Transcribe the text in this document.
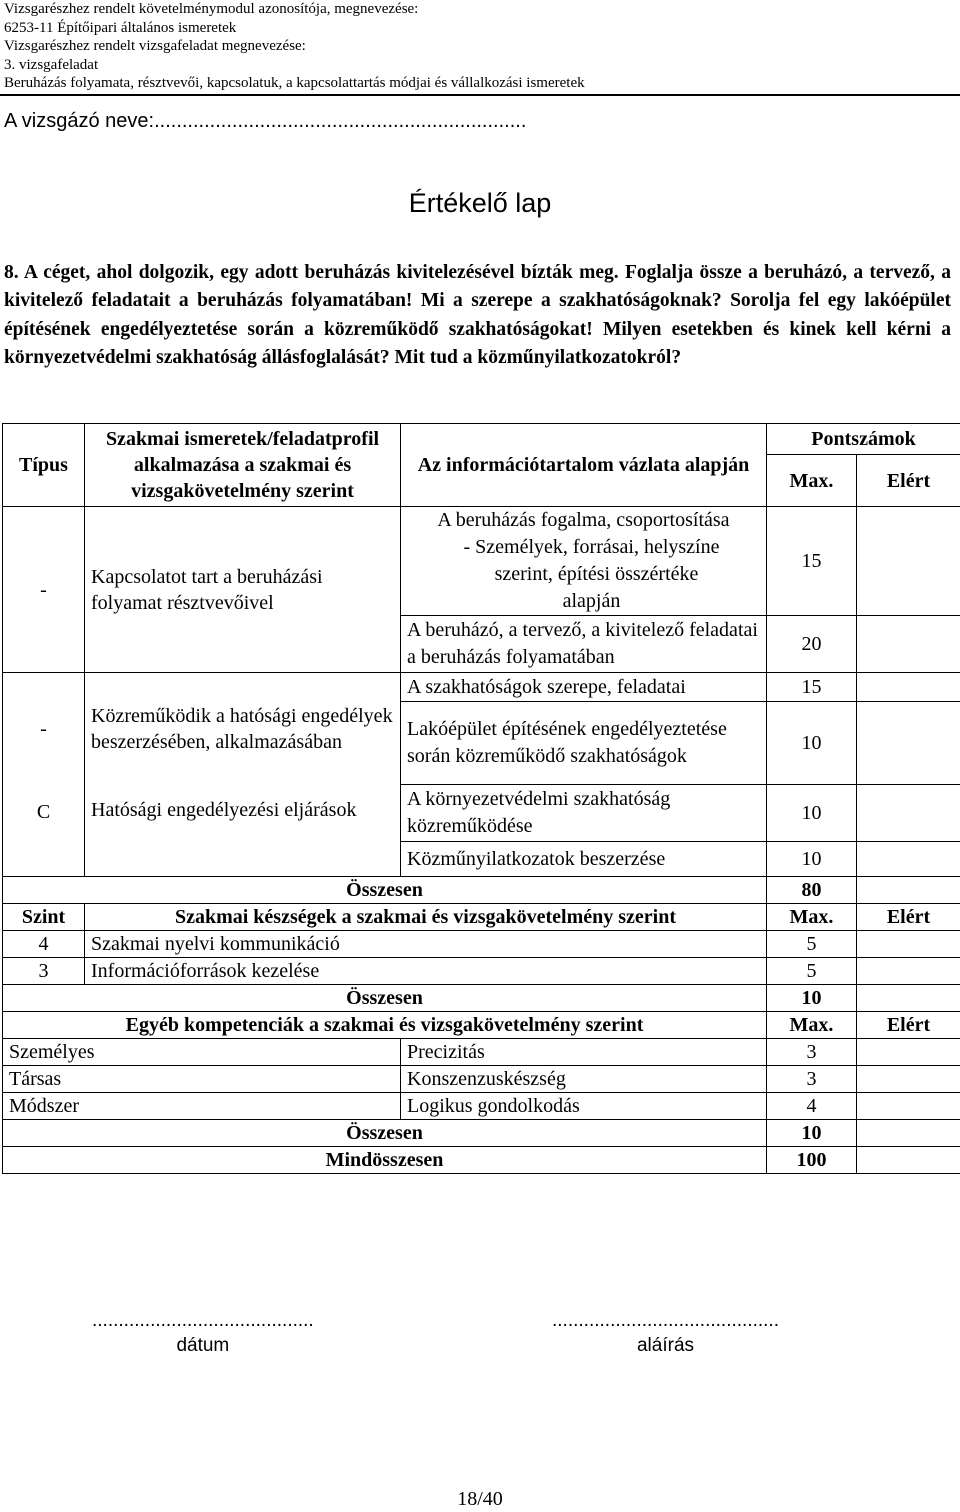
Vizsgarészhez rendelt követelménymodul azonosítója, megnevezése:
6253-11 Építőipari általános ismeretek
Vizsgarészhez rendelt vizsgafeladat megnevezése:
3. vizsgafeladat
Beruházás folyamata, résztvevői, kapcsolatuk, a kapcsolattartás módjai és vállalkozási ismeretek
A vizsgázó neve:...................................................................
Értékelő lap
8. A céget, ahol dolgozik, egy adott beruházás kivitelezésével bízták meg. Foglalja össze a beruházó, a tervező, a kivitelező feladatait a beruházás folyamatában! Mi a szerepe a szakhatóságoknak? Sorolja fel egy lakóépület építésének engedélyeztetése során a közreműködő szakhatóságokat! Milyen esetekben és kinek kell kérni a környezetvédelmi szakhatóság állásfoglalását? Mit tud a közműnyilatkozatokról?
Típus	Szakmai ismeretek/feladatprofil alkalmazása a szakmai és vizsgakövetelmény szerint	Az információtartalom vázlata alapján	Pontszámok	
			Max.	Elért
-	Kapcsolatot tart a beruházási folyamat résztvevőivel	A beruházás fogalma, csoportosítása
- Személyek, forrásai, helyszíne
szerint, építési összértéke
alapján	15	
		A beruházó, a tervező, a kivitelező feladatai a beruházás folyamatában	20	
-	Közreműködik a hatósági engedélyek beszerzésében, alkalmazásában	A szakhatóságok szerepe, feladatai	15	
		Lakóépület építésének engedélyeztetése során közreműködő szakhatóságok	10	
C	Hatósági engedélyezési eljárások	A környezetvédelmi szakhatóság közreműködése	10	
		Közműnyilatkozatok beszerzése	10	
Összesen			80	
Szint	Szakmai készségek a szakmai és vizsgakövetelmény szerint		Max.	Elért
4	Szakmai nyelvi kommunikáció		5	
3	Információforrások kezelése		5	
Összesen			10	
Egyéb kompetenciák a szakmai és vizsgakövetelmény szerint			Max.	Elért
Személyes		Precizitás	3	
Társas		Konszenzuskészség	3	
Módszer		Logikus gondolkodás	4	
Összesen			10	
Mindösszesen			100	
..........................................
dátum
...........................................
aláírás
18/40
